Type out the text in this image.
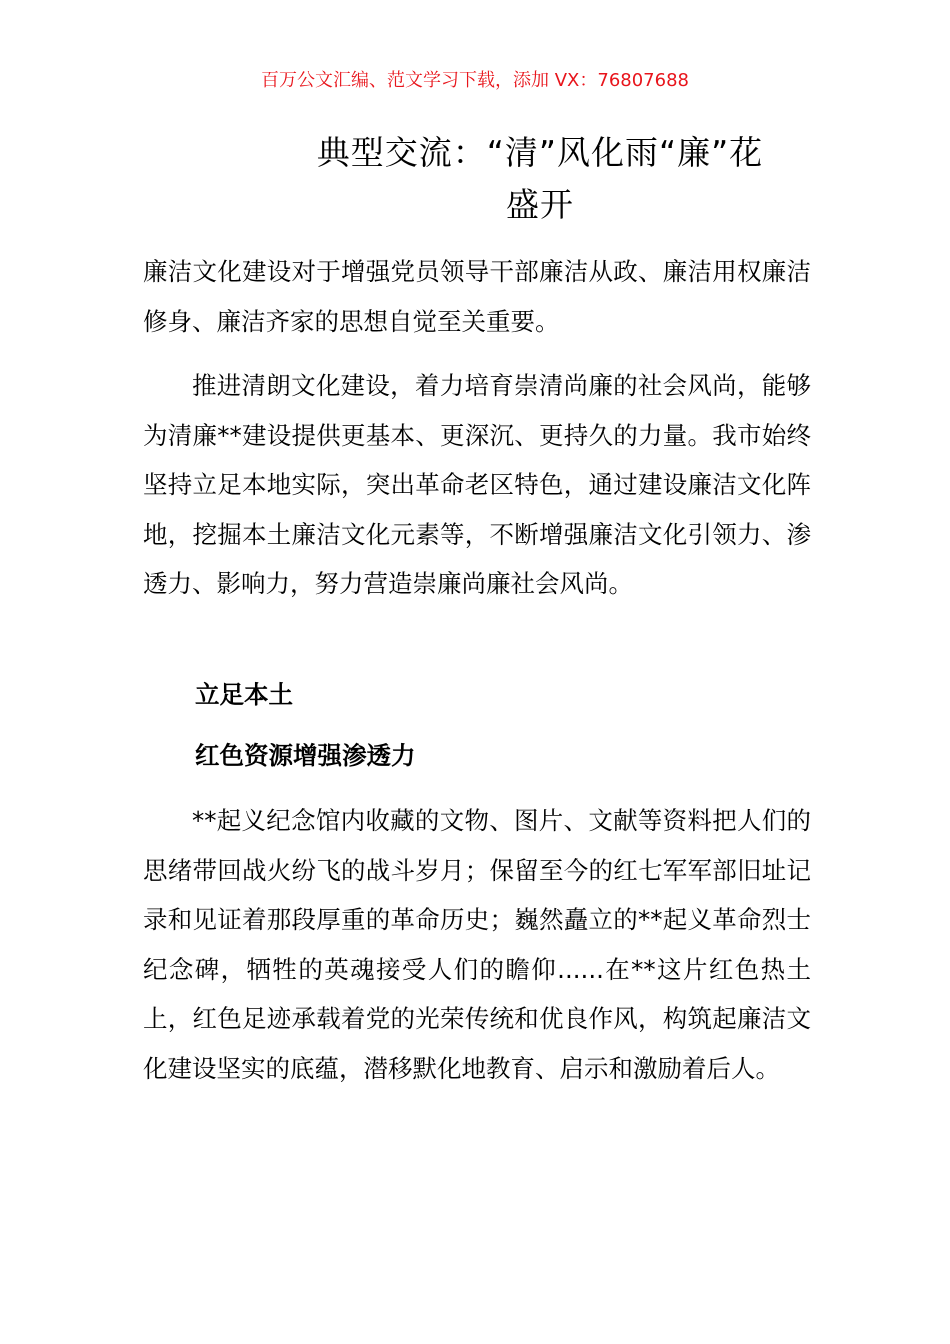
百万公文汇编、范文学习下载，添加 VX：76807688
典型交流：“清”风化雨“廉”花
盛开

廉洁文化建设对于增强党员领导干部廉洁从政、廉洁用权廉洁修身、廉洁齐家的思想自觉至关重要。

推进清朗文化建设，着力培育崇清尚廉的社会风尚，能够为清廉**建设提供更基本、更深沉、更持久的力量。我市始终坚持立足本地实际，突出革命老区特色，通过建设廉洁文化阵地，挖掘本土廉洁文化元素等，不断增强廉洁文化引领力、渗透力、影响力，努力营造崇廉尚廉社会风尚。

立足本土

红色资源增强渗透力

**起义纪念馆内收藏的文物、图片、文献等资料把人们的思绪带回战火纷飞的战斗岁月；保留至今的红七军军部旧址记录和见证着那段厚重的革命历史；巍然矗立的**起义革命烈士纪念碑，牺牲的英魂接受人们的瞻仰......在**这片红色热土上，红色足迹承载着党的光荣传统和优良作风，构筑起廉洁文化建设坚实的底蕴，潜移默化地教育、启示和激励着后人。
